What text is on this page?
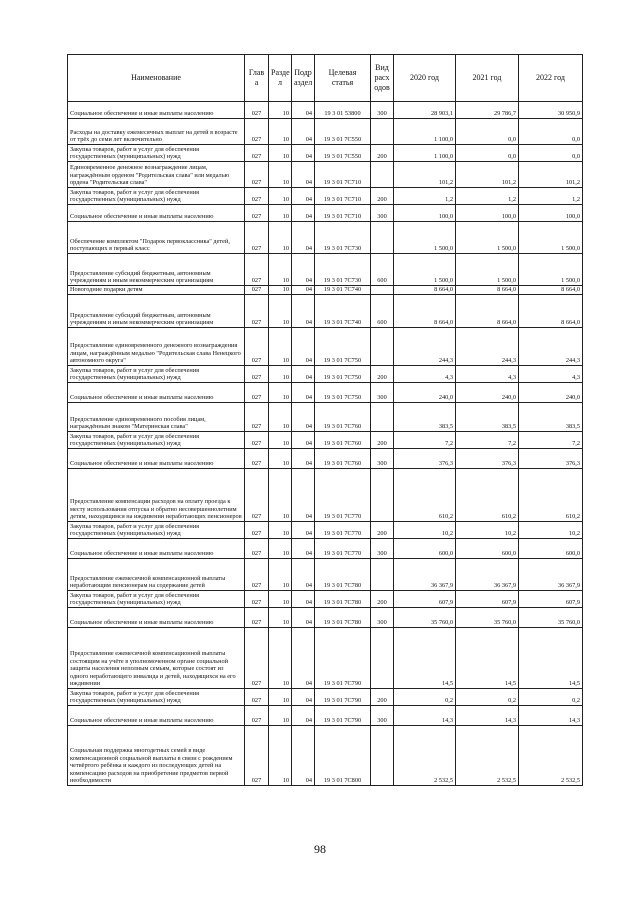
Наименование	Глав а	Разде л	Подр аздел	Целевая статья	Вид расх одов	2020 год	2021 год	2022 год
Социальное обеспечение и иные выплаты населению	027	10	04	19 3 01 53800	300	28 903,1	29 786,7	30 950,9
Расходы на доставку ежемесячных выплат на детей в возрасте от трёх до семи лет включительно	027	10	04	19 3 01 7С550		1 100,0	0,0	0,0
Закупка товаров, работ и услуг для обеспечения государственных (муниципальных) нужд	027	10	04	19 3 01 7С550	200	1 100,0	0,0	0,0
Единовременное денежное вознаграждение лицам, награждённым орденом "Родительская слава" или медалью ордена "Родительская слава"	027	10	04	19 3 01 7С710		101,2	101,2	101,2
Закупка товаров, работ и услуг для обеспечения государственных (муниципальных) нужд	027	10	04	19 3 01 7С710	200	1,2	1,2	1,2
Социальное обеспечение и иные выплаты населению	027	10	04	19 3 01 7С710	300	100,0	100,0	100,0
Обеспечение комплектом "Подарок первоклассника" детей, поступающих в первый класс	027	10	04	19 3 01 7С730		1 500,0	1 500,0	1 500,0
Предоставление субсидий бюджетным, автономным учреждениям и иным некоммерческим организациям	027	10	04	19 3 01 7С730	600	1 500,0	1 500,0	1 500,0
Новогодние подарки детям	027	10	04	19 3 01 7С740		8 664,0	8 664,0	8 664,0
Предоставление субсидий бюджетным, автономным учреждениям и иным некоммерческим организациям	027	10	04	19 3 01 7С740	600	8 664,0	8 664,0	8 664,0
Предоставление единовременного денежного вознаграждения лицам, награждённым медалью "Родительская слава Ненецкого автономного округа"	027	10	04	19 3 01 7С750		244,3	244,3	244,3
Закупка товаров, работ и услуг для обеспечения государственных (муниципальных) нужд	027	10	04	19 3 01 7С750	200	4,3	4,3	4,3
Социальное обеспечение и иные выплаты населению	027	10	04	19 3 01 7С750	300	240,0	240,0	240,0
Предоставление единовременного пособия лицам, награждённым знаком "Материнская слава"	027	10	04	19 3 01 7С760		383,5	383,5	383,5
Закупка товаров, работ и услуг для обеспечения государственных (муниципальных) нужд	027	10	04	19 3 01 7С760	200	7,2	7,2	7,2
Социальное обеспечение и иные выплаты населению	027	10	04	19 3 01 7С760	300	376,3	376,3	376,3
Предоставление компенсации расходов на оплату проезда к месту использования отпуска и обратно несовершеннолетним детям, находящимся на иждивении неработающих пенсионеров	027	10	04	19 3 01 7С770		610,2	610,2	610,2
Закупка товаров, работ и услуг для обеспечения государственных (муниципальных) нужд	027	10	04	19 3 01 7С770	200	10,2	10,2	10,2
Социальное обеспечение и иные выплаты населению	027	10	04	19 3 01 7С770	300	600,0	600,0	600,0
Предоставление ежемесячной компенсационной выплаты неработающим пенсионерам на содержание детей	027	10	04	19 3 01 7С780		36 367,9	36 367,9	36 367,9
Закупка товаров, работ и услуг для обеспечения государственных (муниципальных) нужд	027	10	04	19 3 01 7С780	200	607,9	607,9	607,9
Социальное обеспечение и иные выплаты населению	027	10	04	19 3 01 7С780	300	35 760,0	35 760,0	35 760,0
Предоставление ежемесячной компенсационной выплаты состоящим на учёте в уполномоченном органе социальной защиты населения неполным семьям, которые состоят из одного неработающего инвалида и детей, находящихся на его иждивении	027	10	04	19 3 01 7С790		14,5	14,5	14,5
Закупка товаров, работ и услуг для обеспечения государственных (муниципальных) нужд	027	10	04	19 3 01 7С790	200	0,2	0,2	0,2
Социальное обеспечение и иные выплаты населению	027	10	04	19 3 01 7С790	300	14,3	14,3	14,3
Социальная поддержка многодетных семей в виде компенсационной социальной выплаты в связи с рождением четвёртого ребёнка и каждого из последующих детей на компенсацию расходов на приобретение предметов первой необходимости	027	10	04	19 3 01 7С800		2 532,5	2 532,5	2 532,5
98
